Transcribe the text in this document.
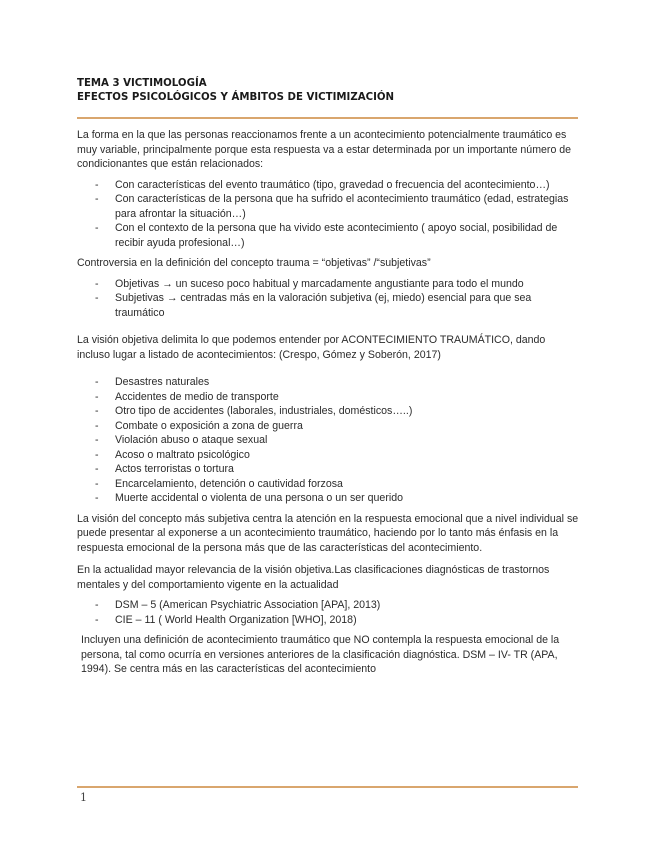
TEMA 3 VICTIMOLOGÍA
EFECTOS PSICOLÓGICOS Y ÁMBITOS DE VICTIMIZACIÓN

La forma en la que las personas reaccionamos frente a un acontecimiento potencialmente traumático es muy variable, principalmente porque esta respuesta va a estar determinada por un importante número de condicionantes que están relacionados:

- Con características del evento traumático (tipo, gravedad o frecuencia del acontecimiento…)
- Con características de la persona que ha sufrido el acontecimiento traumático (edad, estrategias para afrontar la situación…)
- Con el contexto de la persona que ha vivido este acontecimiento ( apoyo social, posibilidad de recibir ayuda profesional…)

Controversia en la definición del concepto trauma = “objetivas” /“subjetivas”

- Objetivas → un suceso poco habitual y marcadamente angustiante para todo el mundo
- Subjetivas → centradas más en la valoración subjetiva (ej, miedo) esencial para que sea traumático

La visión objetiva delimita lo que podemos entender por ACONTECIMIENTO TRAUMÁTICO, dando incluso lugar a listado de acontecimientos: (Crespo, Gómez y Soberón, 2017)

- Desastres naturales
- Accidentes de medio de transporte
- Otro tipo de accidentes (laborales, industriales, domésticos…..)
- Combate o exposición a zona de guerra
- Violación abuso o ataque sexual
- Acoso o maltrato psicológico
- Actos terroristas o tortura
- Encarcelamiento, detención o cautividad forzosa
- Muerte accidental o violenta de una persona o un ser querido

La visión del concepto más subjetiva centra la atención en la respuesta emocional que a nivel individual se puede presentar al exponerse a un acontecimiento traumático, haciendo por lo tanto más énfasis en la respuesta emocional de la persona más que de las características del acontecimiento.

En la actualidad mayor relevancia de la visión objetiva.Las clasificaciones diagnósticas de trastornos mentales y del comportamiento vigente en la actualidad

- DSM – 5 (American Psychiatric Association [APA], 2013)
- CIE – 11 ( World Health Organization [WHO], 2018)

Incluyen una definición de acontecimiento traumático que NO contempla la respuesta emocional de la persona, tal como ocurría en versiones anteriores de la clasificación diagnóstica. DSM – IV- TR (APA, 1994). Se centra más en las características del acontecimiento

1
